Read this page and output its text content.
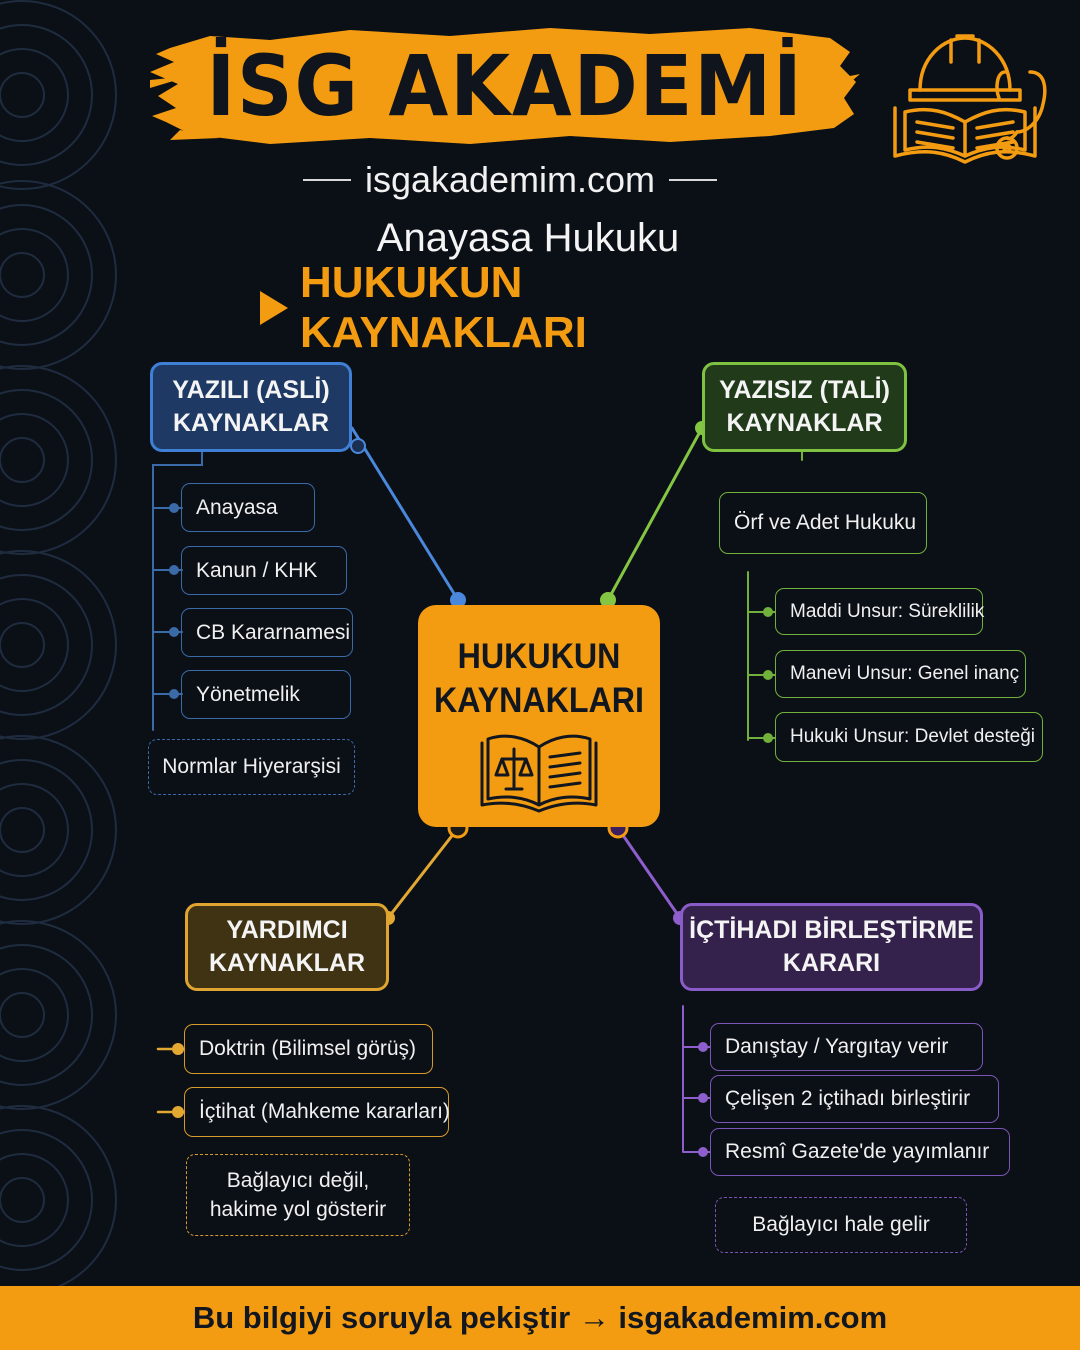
İSG AKADEMİ
isgakademim.com
Anayasa Hukuku
HUKUKUN KAYNAKLARI
HUKUKUN
KAYNAKLARI
YAZILI (ASLİ)
KAYNAKLAR
YAZISIZ (TALİ)
KAYNAKLAR
YARDIMCI
KAYNAKLAR
İÇTİHADI BİRLEŞTİRME
KARARI
Anayasa
Kanun / KHK
CB Kararnamesi
Yönetmelik
Normlar Hiyerarşisi
Örf ve Adet Hukuku
Maddi Unsur: Süreklilik
Manevi Unsur: Genel inanç
Hukuki Unsur: Devlet desteği
Doktrin (Bilimsel görüş)
İçtihat (Mahkeme kararları)
Bağlayıcı değil,
hakime yol gösterir
Danıştay / Yargıtay verir
Çelişen 2 içtihadı birleştirir
Resmî Gazete'de yayımlanır
Bağlayıcı hale gelir
Bu bilgiyi soruyla pekiştir → isgakademim.com
